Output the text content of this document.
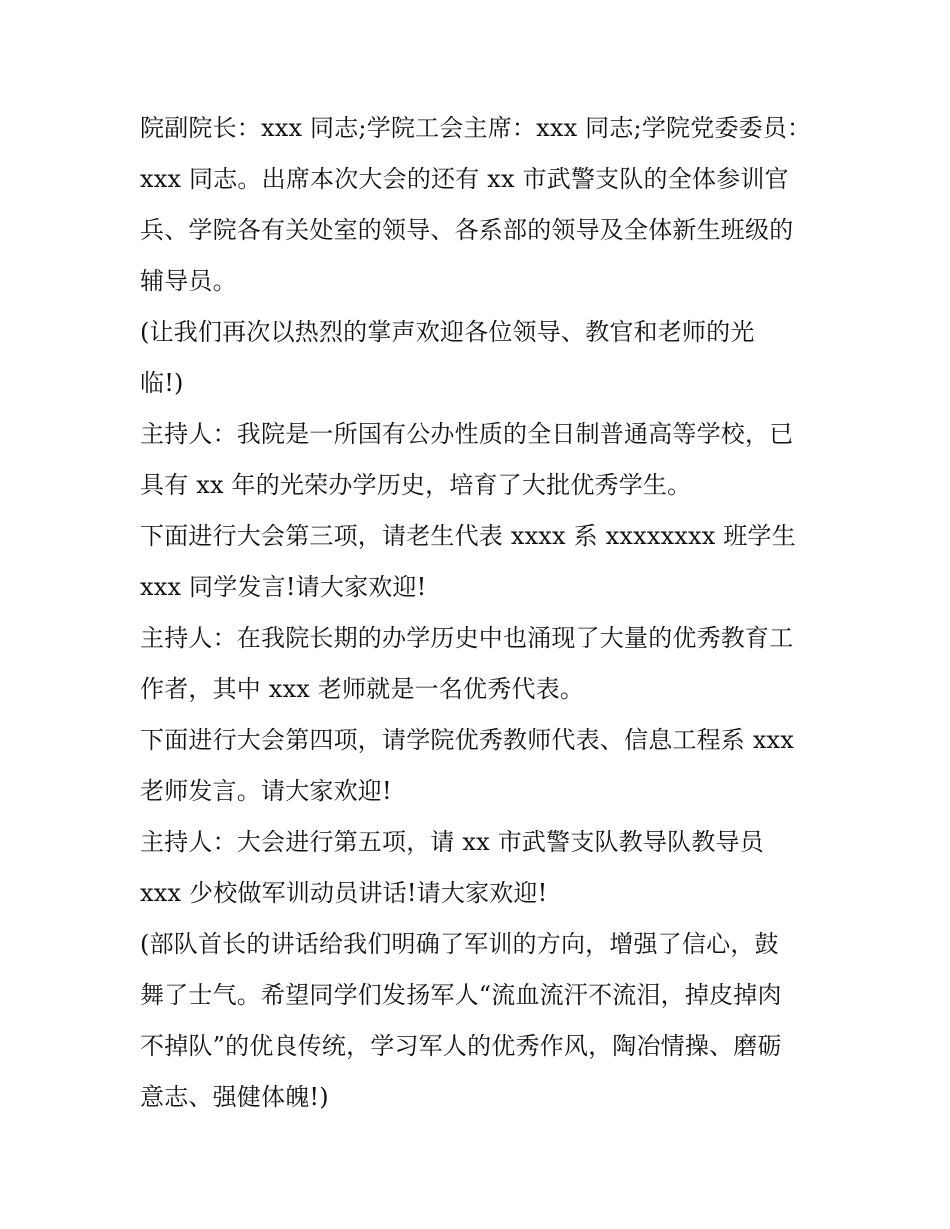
院副院长：xxx 同志;学院工会主席：xxx 同志;学院党委委员：
xxx 同志。出席本次大会的还有 xx 市武警支队的全体参训官
兵、学院各有关处室的领导、各系部的领导及全体新生班级的
辅导员。
(让我们再次以热烈的掌声欢迎各位领导、教官和老师的光
临!)
主持人：我院是一所国有公办性质的全日制普通高等学校，已
具有 xx 年的光荣办学历史，培育了大批优秀学生。
下面进行大会第三项，请老生代表 xxxx 系 xxxxxxxx 班学生
xxx 同学发言!请大家欢迎!
主持人：在我院长期的办学历史中也涌现了大量的优秀教育工
作者，其中 xxx 老师就是一名优秀代表。
下面进行大会第四项，请学院优秀教师代表、信息工程系 xxx
老师发言。请大家欢迎!
主持人：大会进行第五项，请 xx 市武警支队教导队教导员
xxx 少校做军训动员讲话!请大家欢迎!
(部队首长的讲话给我们明确了军训的方向，增强了信心，鼓
舞了士气。希望同学们发扬军人“流血流汗不流泪，掉皮掉肉
不掉队”的优良传统，学习军人的优秀作风，陶冶情操、磨砺
意志、强健体魄!)
